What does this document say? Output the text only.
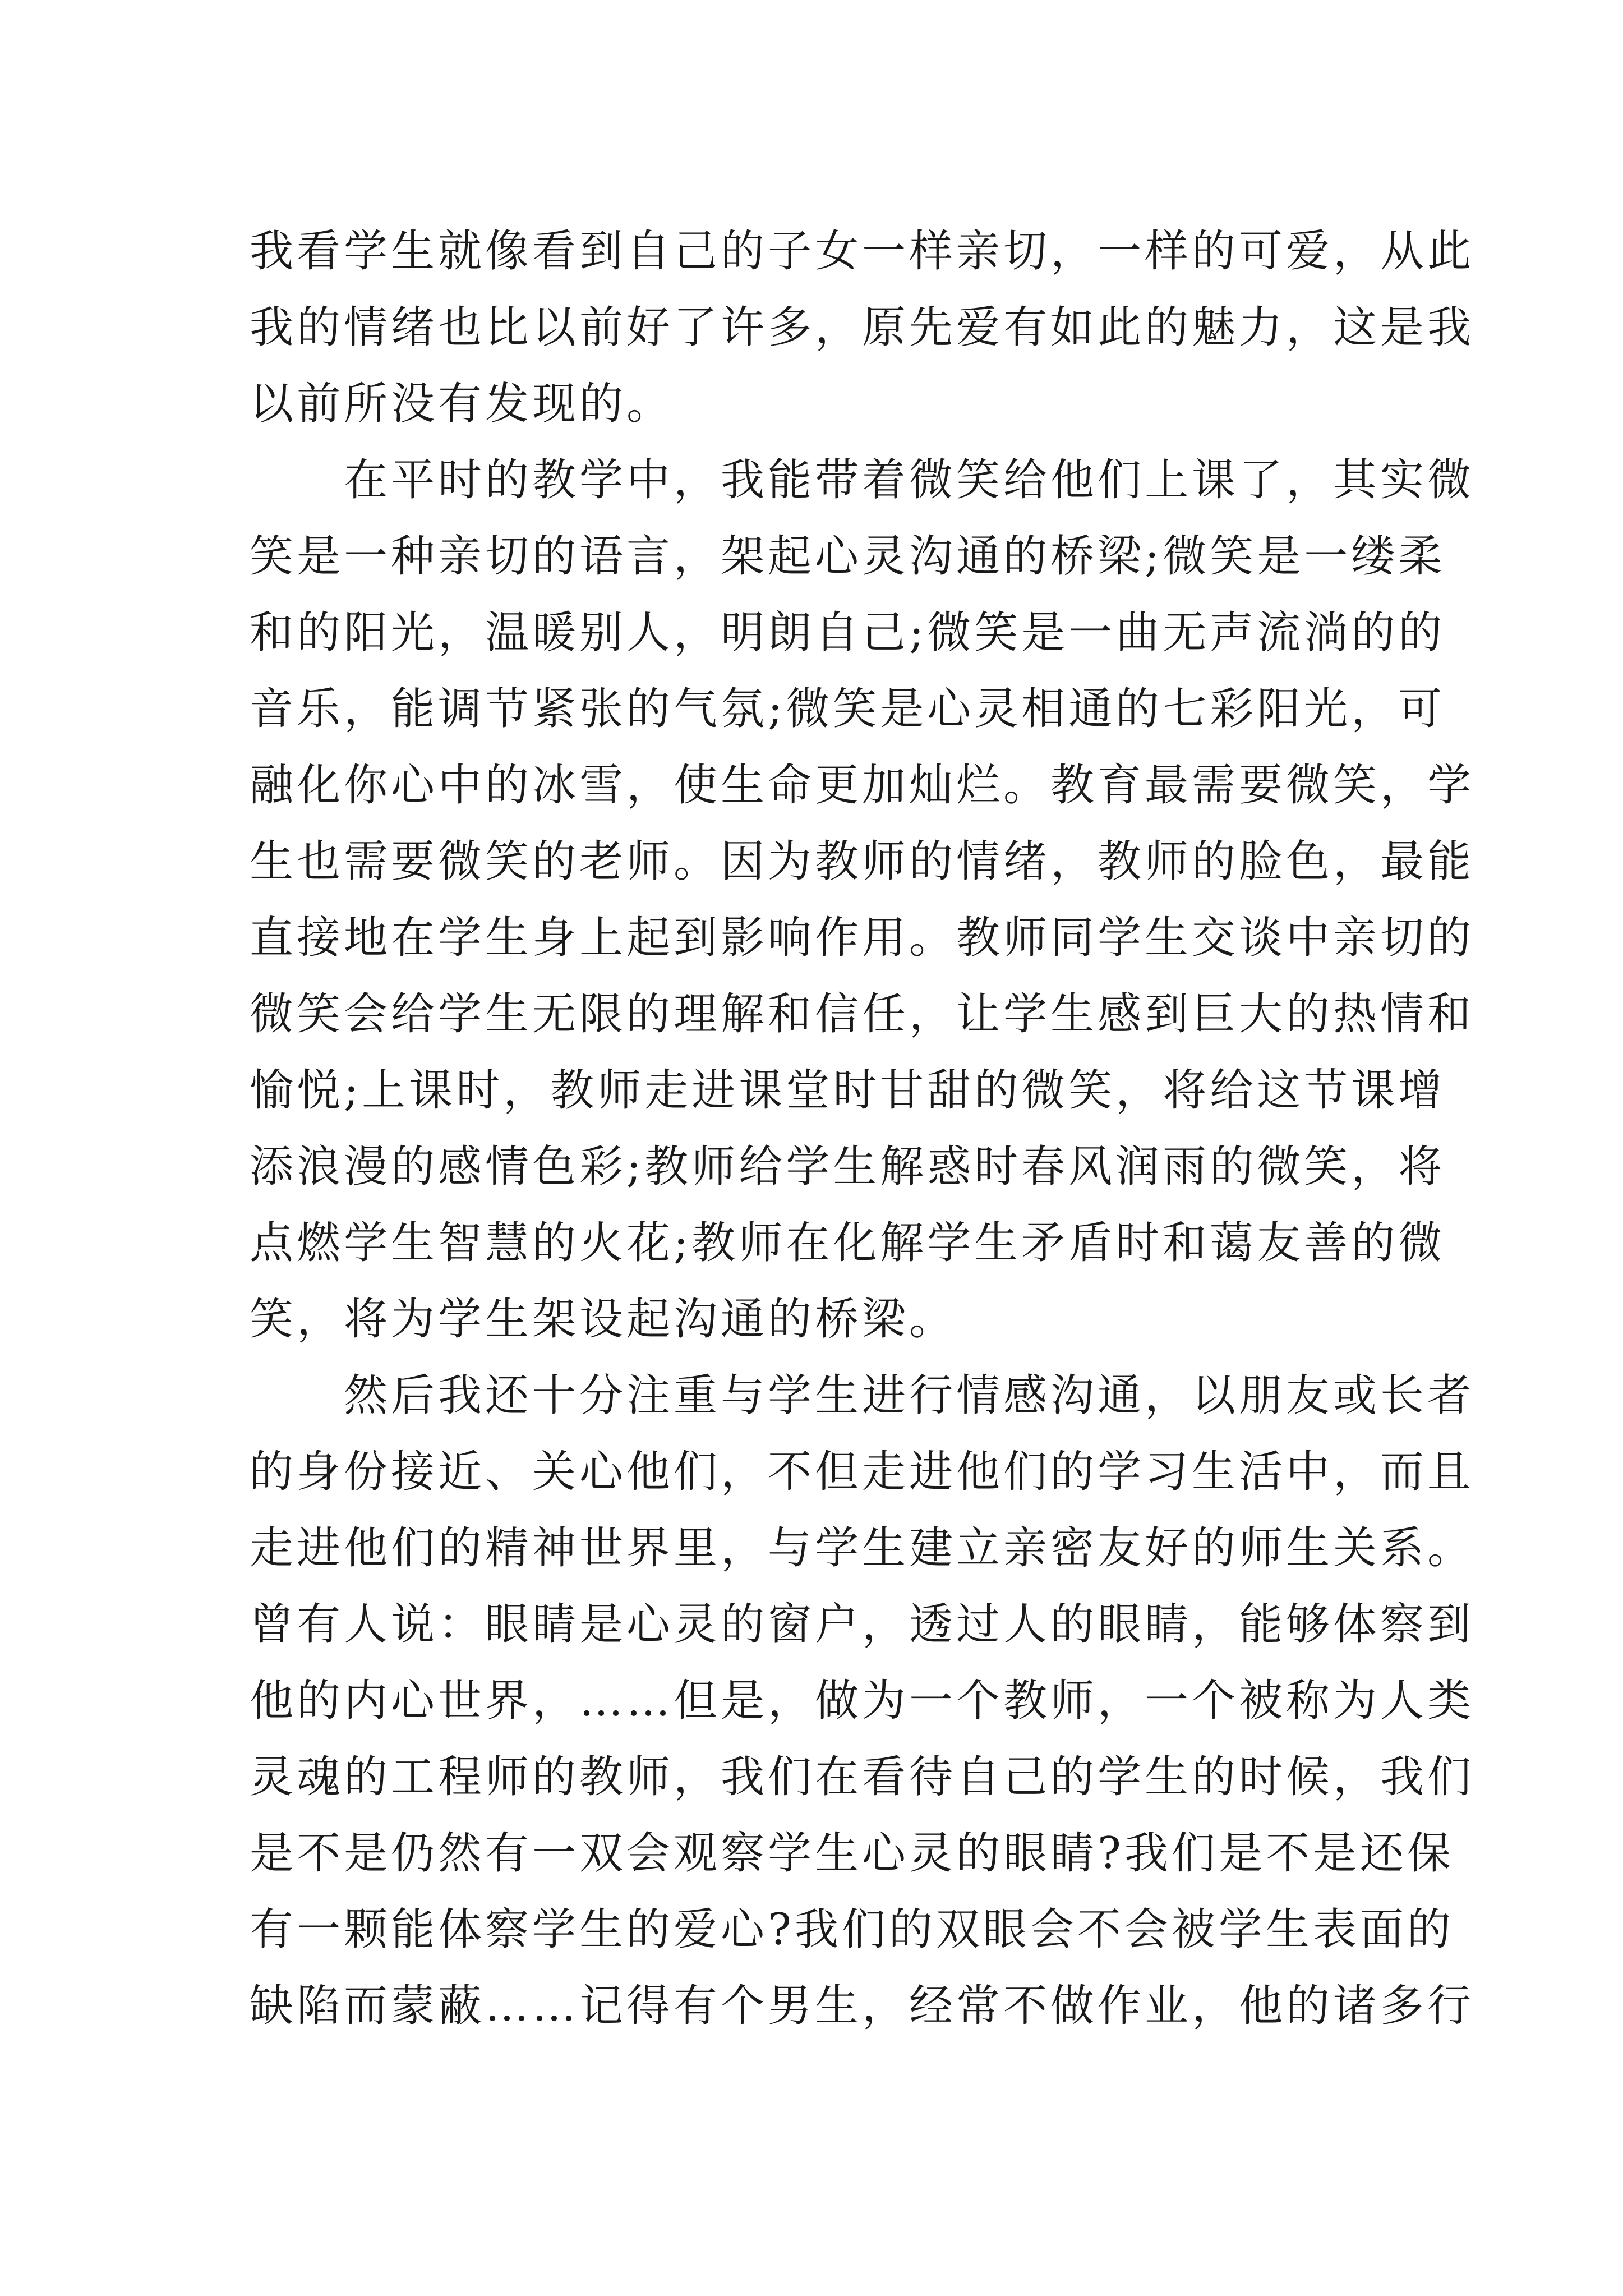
我看学生就像看到自己的子女一样亲切，一样的可爱，从此
我的情绪也比以前好了许多，原先爱有如此的魅力，这是我
以前所没有发现的。

在平时的教学中，我能带着微笑给他们上课了，其实微
笑是一种亲切的语言，架起心灵沟通的桥梁;微笑是一缕柔
和的阳光，温暖别人，明朗自己;微笑是一曲无声流淌的的
音乐，能调节紧张的气氛;微笑是心灵相通的七彩阳光，可
融化你心中的冰雪，使生命更加灿烂。教育最需要微笑，学
生也需要微笑的老师。因为教师的情绪，教师的脸色，最能
直接地在学生身上起到影响作用。教师同学生交谈中亲切的
微笑会给学生无限的理解和信任，让学生感到巨大的热情和
愉悦;上课时，教师走进课堂时甘甜的微笑，将给这节课增
添浪漫的感情色彩;教师给学生解惑时春风润雨的微笑，将
点燃学生智慧的火花;教师在化解学生矛盾时和蔼友善的微
笑，将为学生架设起沟通的桥梁。

然后我还十分注重与学生进行情感沟通，以朋友或长者
的身份接近、关心他们，不但走进他们的学习生活中，而且
走进他们的精神世界里，与学生建立亲密友好的师生关系。
曾有人说：眼睛是心灵的窗户，透过人的眼睛，能够体察到
他的内心世界，……但是，做为一个教师，一个被称为人类
灵魂的工程师的教师，我们在看待自己的学生的时候，我们
是不是仍然有一双会观察学生心灵的眼睛?我们是不是还保
有一颗能体察学生的爱心?我们的双眼会不会被学生表面的
缺陷而蒙蔽……记得有个男生，经常不做作业，他的诸多行
